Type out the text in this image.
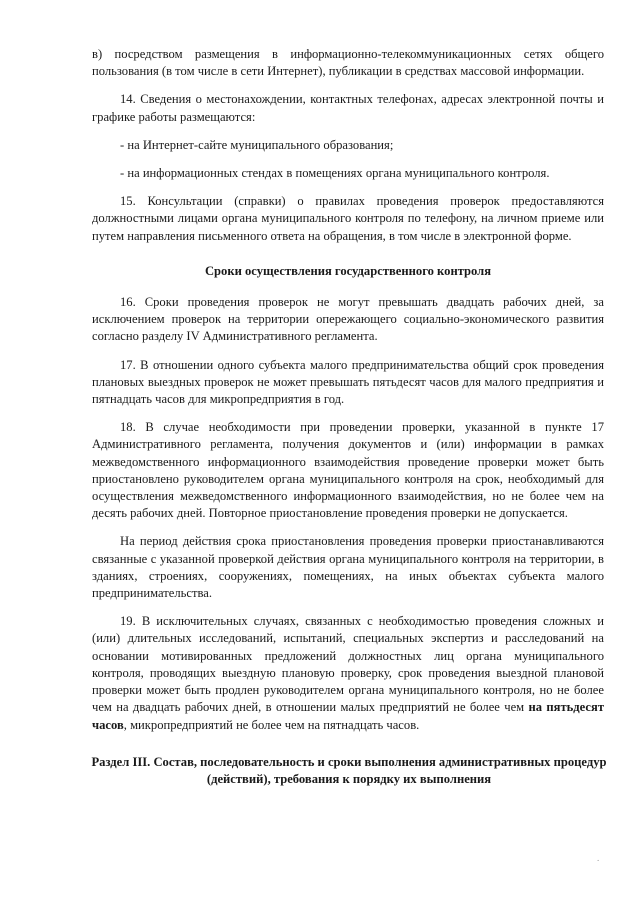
в) посредством размещения в информационно-телекоммуникационных сетях общего пользования (в том числе в сети Интернет), публикации в средствах массовой информации.

14. Сведения о местонахождении, контактных телефонах, адресах электронной почты и графике работы размещаются:

- на Интернет-сайте муниципального образования;

- на информационных стендах в помещениях органа муниципального контроля.

15. Консультации (справки) о правилах проведения проверок предоставляются должностными лицами органа муниципального контроля по телефону, на личном приеме или путем направления письменного ответа на обращения, в том числе в электронной форме.

Сроки осуществления государственного контроля

16. Сроки проведения проверок не могут превышать двадцать рабочих дней, за исключением проверок на территории опережающего социально-экономического развития согласно разделу IV Административного регламента.

17. В отношении одного субъекта малого предпринимательства общий срок проведения плановых выездных проверок не может превышать пятьдесят часов для малого предприятия и пятнадцать часов для микропредприятия в год.

18. В случае необходимости при проведении проверки, указанной в пункте 17 Административного регламента, получения документов и (или) информации в рамках межведомственного информационного взаимодействия проведение проверки может быть приостановлено руководителем органа муниципального контроля на срок, необходимый для осуществления межведомственного информационного взаимодействия, но не более чем на десять рабочих дней. Повторное приостановление проведения проверки не допускается.

На период действия срока приостановления проведения проверки приостанавливаются связанные с указанной проверкой действия органа муниципального контроля на территории, в зданиях, строениях, сооружениях, помещениях, на иных объектах субъекта малого предпринимательства.

19. В исключительных случаях, связанных с необходимостью проведения сложных и (или) длительных исследований, испытаний, специальных экспертиз и расследований на основании мотивированных предложений должностных лиц органа муниципального контроля, проводящих выездную плановую проверку, срок проведения выездной плановой проверки может быть продлен руководителем органа муниципального контроля, но не более чем на двадцать рабочих дней, в отношении малых предприятий не более чем на пятьдесят часов, микропредприятий не более чем на пятнадцать часов.

Раздел III. Состав, последовательность и сроки выполнения административных процедур (действий), требования к порядку их выполнения
.
